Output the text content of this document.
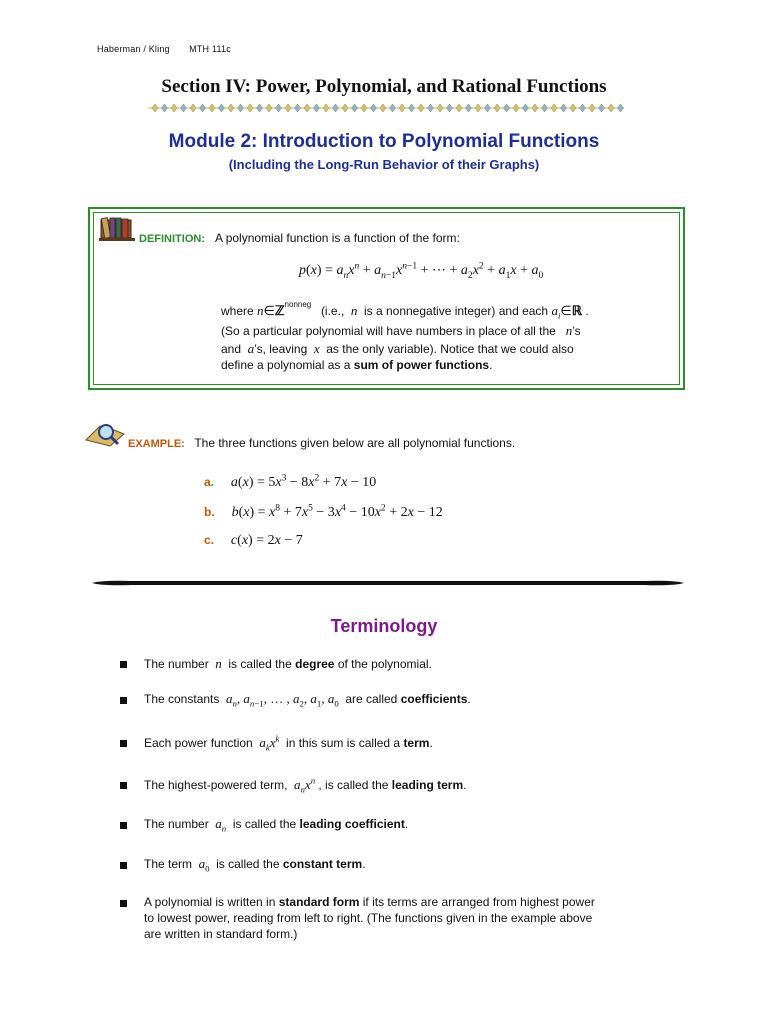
Haberman / Kling MTH 111c
Section IV: Power, Polynomial, and Rational Functions
Module 2: Introduction to Polynomial Functions
(Including the Long-Run Behavior of their Graphs)
DEFINITION: A polynomial function is a function of the form:
$p(x) = a_nx^n + a_{n-1}x^{n-1}$ + ⋯ + $a_2x^2 + a_1x + a_0$
where n∈ℤ$^{nonneg}$ (i.e.,  n  is a nonnegative integer) and each $a_i\in ℝ$ .
(So a particular polynomial will have numbers in place of all the   n’s
and  a’s, leaving  x  as the only variable). Notice that we could also
define a polynomial as a sum of power functions.
EXAMPLE: The three functions given below are all polynomial functions.
a. $a(x) = 5x^3 - 8x^2 + 7x - 10$
b. $b(x) = x^8 + 7x^5 - 3x^4 - 10x^2 + 2x - 12$
c. c(x) = 2x − 7
Terminology
The number  n  is called the degree of the polynomial.
The constants  $a_n$, $a_{n-1}$, … , $a_2$, $a_1$, $a_0$ are called coefficients.
Each power function  $a_kx^k$ in this sum is called a term.
The highest-powered term,  $a_nx^n$ , is called the leading term.
The number  $a_n$ is called the leading coefficient.
The term  $a_0$ is called the constant term.
A polynomial is written in standard form if its terms are arranged from highest power
to lowest power, reading from left to right. (The functions given in the example above
are written in standard form.)
